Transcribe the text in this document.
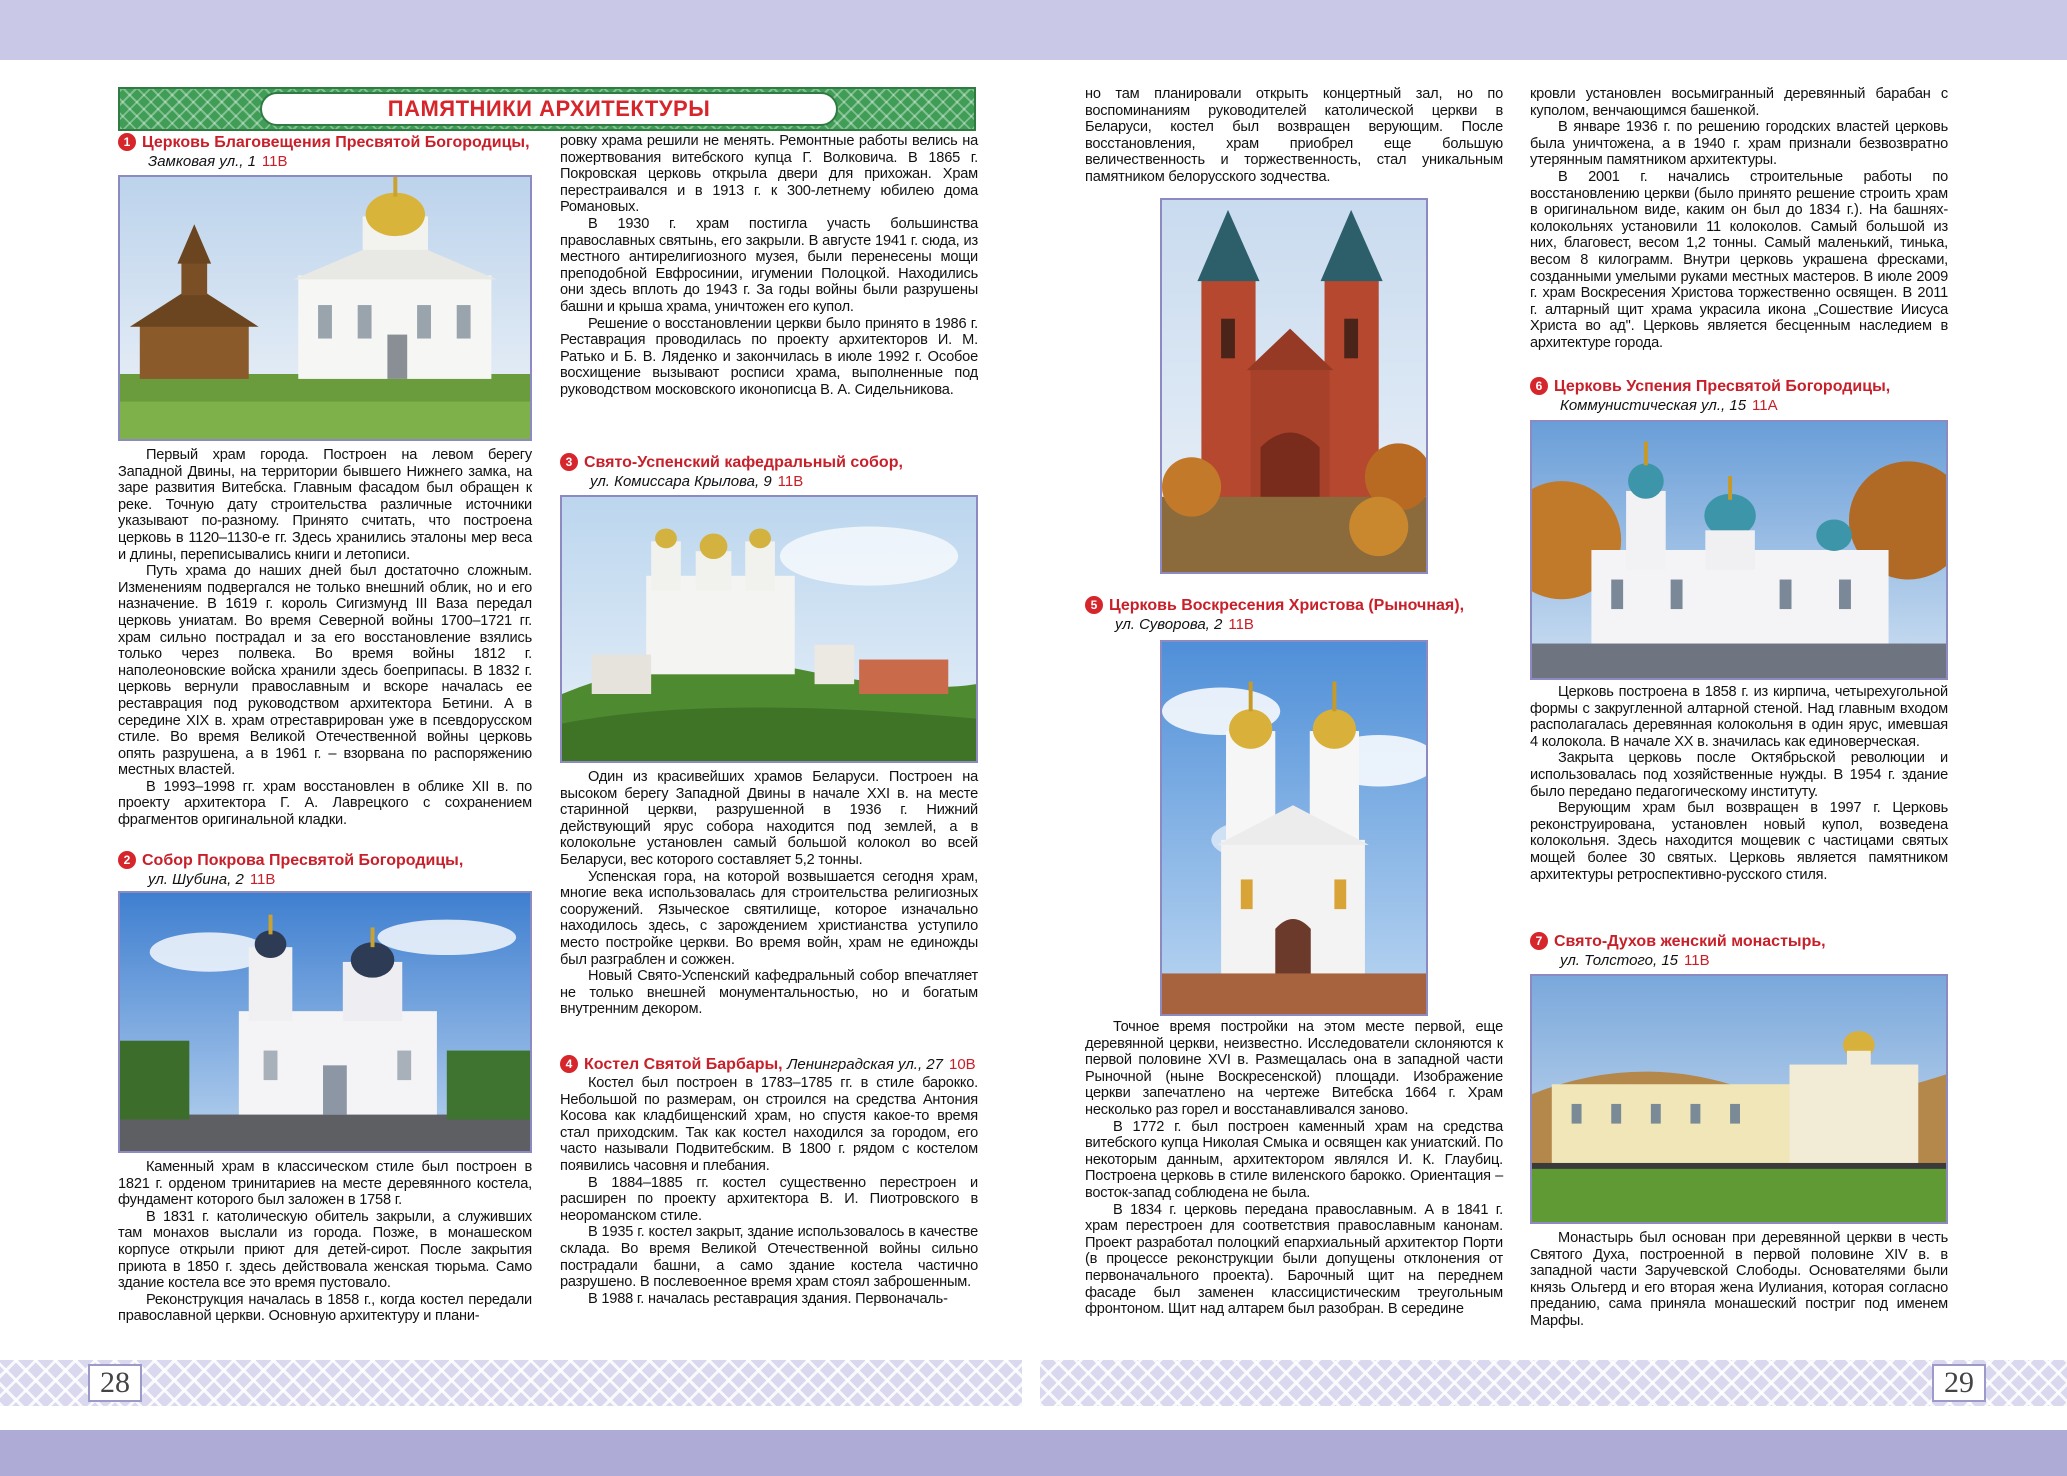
28	29
ПАМЯТНИКИ АРХИТЕКТУРЫ
1 Церковь Благовещения Пресвятой Богородицы,
Замковая ул., 1 11В

Первый храм города. Построен на левом берегу Западной Двины, на территории бывшего Нижнего замка, на заре развития Витебска. Главным фасадом был обращен к реке. Точную дату строительства различные источники указывают по-разному. Принято считать, что построена церковь в 1120–1130-е гг. Здесь хранились эталоны мер веса и длины, переписывались книги и летописи.

Путь храма до наших дней был достаточно сложным. Изменениям подвергался не только внешний облик, но и его назначение. В 1619 г. король Сигизмунд III Ваза передал церковь униатам. Во время Северной войны 1700–1721 гг. храм сильно пострадал и за его восстановление взялись только через полвека. Во время войны 1812 г. наполеоновские войска хранили здесь боеприпасы. В 1832 г. церковь вернули православным и вскоре началась ее реставрация под руководством архитектора Бетини. А в середине XIX в. храм отреставрирован уже в псевдорусском стиле. Во время Великой Отечественной войны церковь опять разрушена, а в 1961 г. – взорвана по распоряжению местных властей.

В 1993–1998 гг. храм восстановлен в облике XII в. по проекту архитектора Г. А. Лаврецкого с сохранением фрагментов оригинальной кладки.

2 Собор Покрова Пресвятой Богородицы,
ул. Шубина, 2 11В

Каменный храм в классическом стиле был построен в 1821 г. орденом тринитариев на месте деревянного костела, фундамент которого был заложен в 1758 г.

В 1831 г. католическую обитель закрыли, а служивших там монахов выслали из города. Позже, в монашеском корпусе открыли приют для детей-сирот. После закрытия приюта в 1850 г. здесь действовала женская тюрьма. Само здание костела все это время пустовало.

Реконструкция началась в 1858 г., когда костел передали православной церкви. Основную архитектуру и плани-

ровку храма решили не менять. Ремонтные работы велись на пожертвования витебского купца Г. Волковича. В 1865 г. Покровская церковь открыла двери для прихожан. Храм перестраивался и в 1913 г. к 300-летнему юбилею дома Романовых.

В 1930 г. храм постигла участь большинства православных святынь, его закрыли. В августе 1941 г. сюда, из местного антирелигиозного музея, были перенесены мощи преподобной Евфросинии, игумении Полоцкой. Находились они здесь вплоть до 1943 г. За годы войны были разрушены башни и крыша храма, уничтожен его купол.

Решение о восстановлении церкви было принято в 1986 г. Реставрация проводилась по проекту архитекторов И. М. Ратько и Б. В. Ляденко и закончилась в июле 1992 г. Особое восхищение вызывают росписи храма, выполненные под руководством московского иконописца В. А. Сидельникова.

3 Свято-Успенский кафедральный собор,
ул. Комиссара Крылова, 9 11В

Один из красивейших храмов Беларуси. Построен на высоком берегу Западной Двины в начале XXI в. на месте старинной церкви, разрушенной в 1936 г. Нижний действующий ярус собора находится под землей, а в колокольне установлен самый большой колокол во всей Беларуси, вес которого составляет 5,2 тонны.

Успенская гора, на которой возвышается сегодня храм, многие века использовалась для строительства религиозных сооружений. Языческое святилище, которое изначально находилось здесь, с зарождением христианства уступило место постройке церкви. Во время войн, храм не единожды был разграблен и сожжен.

Новый Свято-Успенский кафедральный собор впечатляет не только внешней монументальностью, но и богатым внутренним декором.

4 Костел Святой Барбары, Ленинградская ул., 27 10В

Костел был построен в 1783–1785 гг. в стиле барокко. Небольшой по размерам, он строился на средства Антония Косова как кладбищенский храм, но спустя какое-то время стал приходским. Так как костел находился за городом, его часто называли Подвитебским. В 1800 г. рядом с костелом появились часовня и плебания.

В 1884–1885 гг. костел существенно перестроен и расширен по проекту архитектора В. И. Пиотровского в неороманском стиле.

В 1935 г. костел закрыт, здание использовалось в качестве склада. Во время Великой Отечественной войны сильно пострадали башни, а само здание костела частично разрушено. В послевоенное время храм стоял заброшенным.

В 1988 г. началась реставрация здания. Первоначаль-

но там планировали открыть концертный зал, но по воспоминаниям руководителей католической церкви в Беларуси, костел был возвращен верующим. После восстановления, храм приобрел еще большую величественность и торжественность, стал уникальным памятником белорусского зодчества.

5 Церковь Воскресения Христова (Рыночная),
ул. Суворова, 2 11В

Точное время постройки на этом месте первой, еще деревянной церкви, неизвестно. Исследователи склоняются к первой половине XVI в. Размещалась она в западной части Рыночной (ныне Воскресенской) площади. Изображение церкви запечатлено на чертеже Витебска 1664 г. Храм несколько раз горел и восстанавливался заново.

В 1772 г. был построен каменный храм на средства витебского купца Николая Смыка и освящен как униатский. По некоторым данным, архитектором являлся И. К. Глаубиц. Построена церковь в стиле виленского барокко. Ориентация – восток-запад соблюдена не была.

В 1834 г. церковь передана православным. А в 1841 г. храм перестроен для соответствия православным канонам. Проект разработал полоцкий епархиальный архитектор Порти (в процессе реконструкции были допущены отклонения от первоначального проекта). Барочный щит на переднем фасаде был заменен классицистическим треугольным фронтоном. Щит над алтарем был разобран. В середине

кровли установлен восьмигранный деревянный барабан с куполом, венчающимся башенкой.

В январе 1936 г. по решению городских властей церковь была уничтожена, а в 1940 г. храм признали безвозвратно утерянным памятником архитектуры.

В 2001 г. начались строительные работы по восстановлению церкви (было принято решение строить храм в оригинальном виде, каким он был до 1834 г.). На башнях-колокольнях установили 11 колоколов. Самый большой из них, благовест, весом 1,2 тонны. Самый маленький, тинька, весом 8 килограмм. Внутри церковь украшена фресками, созданными умелыми руками местных мастеров. В июле 2009 г. храм Воскресения Христова торжественно освящен. В 2011 г. алтарный щит храма украсила икона „Сошествие Иисуса Христа во ад". Церковь является бесценным наследием в архитектуре города.

6 Церковь Успения Пресвятой Богородицы,
Коммунистическая ул., 15 11А

Церковь построена в 1858 г. из кирпича, четырехугольной формы с закругленной алтарной стеной. Над главным входом располагалась деревянная колокольня в один ярус, имевшая 4 колокола. В начале XX в. значилась как единоверческая.

Закрыта церковь после Октябрьской революции и использовалась под хозяйственные нужды. В 1954 г. здание было передано педагогическому институту.

Верующим храм был возвращен в 1997 г. Церковь реконструирована, установлен новый купол, возведена колокольня. Здесь находится мощевик с частицами святых мощей более 30 святых. Церковь является памятником архитектуры ретроспективно-русского стиля.

7 Свято-Духов женский монастырь,
ул. Толстого, 15 11В

Монастырь был основан при деревянной церкви в честь Святого Духа, построенной в первой половине XIV в. в западной части Заручевской Слободы. Основателями были князь Ольгерд и его вторая жена Иулиания, которая согласно преданию, сама приняла монашеский постриг под именем Марфы.
